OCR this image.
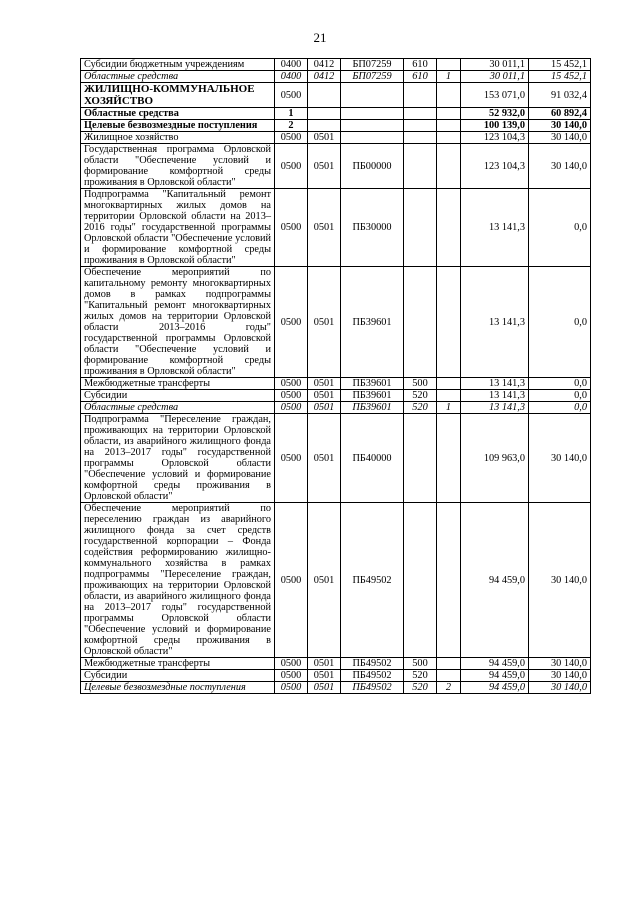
21
Субсидии бюджетным учреждениям	0400	0412	БП07259	610		30 011,1	15 452,1
Областные средства	0400	0412	БП07259	610	1	30 011,1	15 452,1
ЖИЛИЩНО-КОММУНАЛЬНОЕ ХОЗЯЙСТВО	0500					153 071,0	91 032,4
Областные средства	1					52 932,0	60 892,4
Целевые безвозмездные поступления	2					100 139,0	30 140,0
Жилищное хозяйство	0500	0501				123 104,3	30 140,0
Государственная программа Орловской области "Обеспечение условий и формирование комфортной среды проживания в Орловской области"	0500	0501	ПБ00000			123 104,3	30 140,0
Подпрограмма "Капитальный ремонт многоквартирных жилых домов на территории Орловской области на 2013–2016 годы" государственной программы Орловской области "Обеспечение условий и формирование комфортной среды проживания в Орловской области"	0500	0501	ПБ30000			13 141,3	0,0
Обеспечение мероприятий по капитальному ремонту многоквартирных домов в рамках подпрограммы "Капитальный ремонт многоквартирных жилых домов на территории Орловской области 2013–2016 годы" государственной программы Орловской области "Обеспечение условий и формирование комфортной среды проживания в Орловской области"	0500	0501	ПБ39601			13 141,3	0,0
Межбюджетные трансферты	0500	0501	ПБ39601	500		13 141,3	0,0
Субсидии	0500	0501	ПБ39601	520		13 141,3	0,0
Областные средства	0500	0501	ПБ39601	520	1	13 141,3	0,0
Подпрограмма "Переселение граждан, проживающих на территории Орловской области, из аварийного жилищного фонда на 2013–2017 годы" государственной программы Орловской области "Обеспечение условий и формирование комфортной среды проживания в Орловской области"	0500	0501	ПБ40000			109 963,0	30 140,0
Обеспечение мероприятий по переселению граждан из аварийного жилищного фонда за счет средств государственной корпорации – Фонда содействия реформированию жилищно-коммунального хозяйства в рамках подпрограммы "Переселение граждан, проживающих на территории Орловской области, из аварийного жилищного фонда на 2013–2017 годы" государственной программы Орловской области "Обеспечение условий и формирование комфортной среды проживания в Орловской области"	0500	0501	ПБ49502			94 459,0	30 140,0
Межбюджетные трансферты	0500	0501	ПБ49502	500		94 459,0	30 140,0
Субсидии	0500	0501	ПБ49502	520		94 459,0	30 140,0
Целевые безвозмездные поступления	0500	0501	ПБ49502	520	2	94 459,0	30 140,0
